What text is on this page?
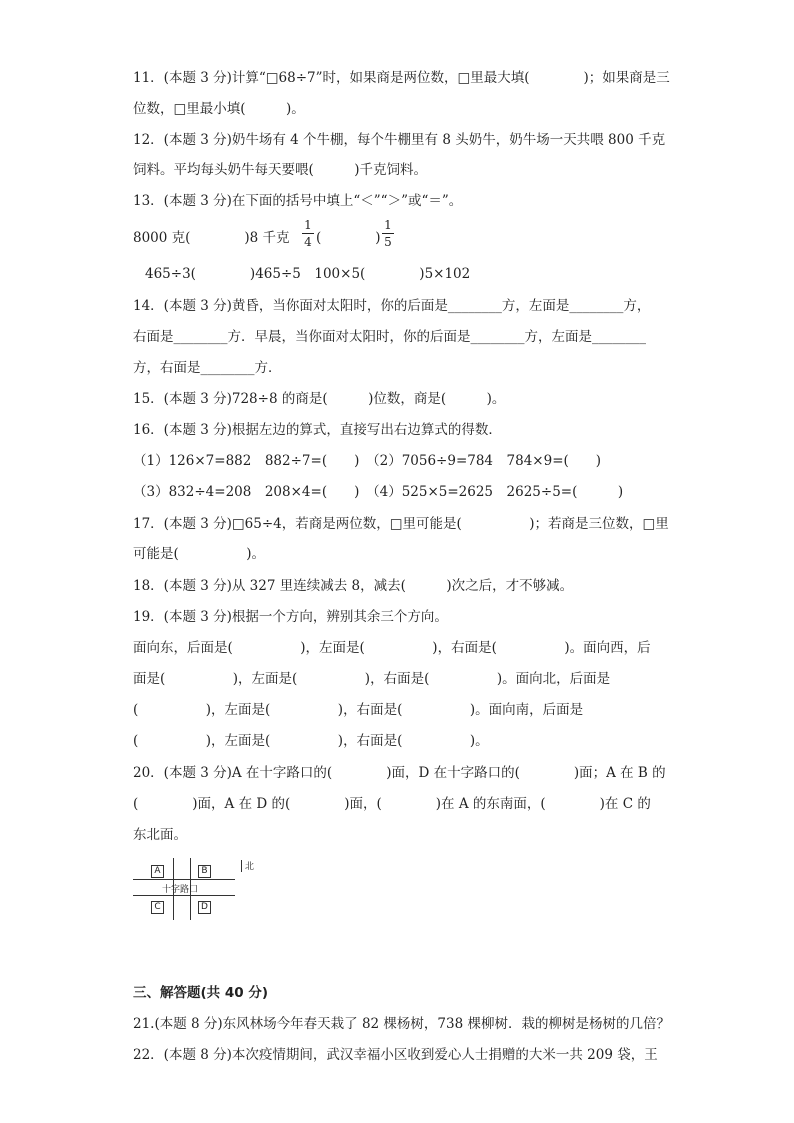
11．(本题 3 分)计算“□68÷7”时，如果商是两位数，□里最大填(　　　　)；如果商是三
位数，□里最小填(　　　)。
12．(本题 3 分)奶牛场有 4 个牛棚，每个牛棚里有 8 头奶牛，奶牛场一天共喂 800 千克
饲料。平均每头奶牛每天要喂(　　　)千克饲料。
13．(本题 3 分)在下面的括号中填上“＜”“＞”或“＝”。
8000 克(　　　　)8 千克
1
4 (　　　　)
1
5
465÷3(　　　　)465÷5　100×5(　　　　)5×102
14．(本题 3 分)黄昏，当你面对太阳时，你的后面是________方，左面是________方，
右面是________方．早晨，当你面对太阳时，你的后面是________方，左面是________
方，右面是________方．
15．(本题 3 分)728÷8 的商是(　　　)位数，商是(　　　)。
16．(本题 3 分)根据左边的算式，直接写出右边算式的得数．
（1）126×7=882　882÷7=(　　)　（2）7056÷9=784　784×9=(　　)
（3）832÷4=208　208×4=(　　)　（4）525×5=2625　2625÷5=(　　　)
17．(本题 3 分)□65÷4，若商是两位数，□里可能是(　　　　　)；若商是三位数，□里
可能是(　　　　　)。
18．(本题 3 分)从 327 里连续减去 8，减去(　　　)次之后，才不够减。
19．(本题 3 分)根据一个方向，辨别其余三个方向。
面向东，后面是(　　　　　)，左面是(　　　　　)，右面是(　　　　　)。面向西，后
面是(　　　　　)，左面是(　　　　　)，右面是(　　　　　)。面向北，后面是
(　　　　　)，左面是(　　　　　)，右面是(　　　　　)。面向南，后面是
(　　　　　)，左面是(　　　　　)，右面是(　　　　　)。
20．(本题 3 分)A 在十字路口的(　　　　)面，D 在十字路口的(　　　　)面；A 在 B 的
(　　　　)面，A 在 D 的(　　　　)面，(　　　　)在 A 的东南面，(　　　　)在 C 的
东北面。
A	B
C	D
十字路口
北
三、解答题(共 40 分)
21.(本题 8 分)东风林场今年春天栽了 82 棵杨树，738 棵柳树．栽的柳树是杨树的几倍？
22．(本题 8 分)本次疫情期间，武汉幸福小区收到爱心人士捐赠的大米一共 209 袋，王
